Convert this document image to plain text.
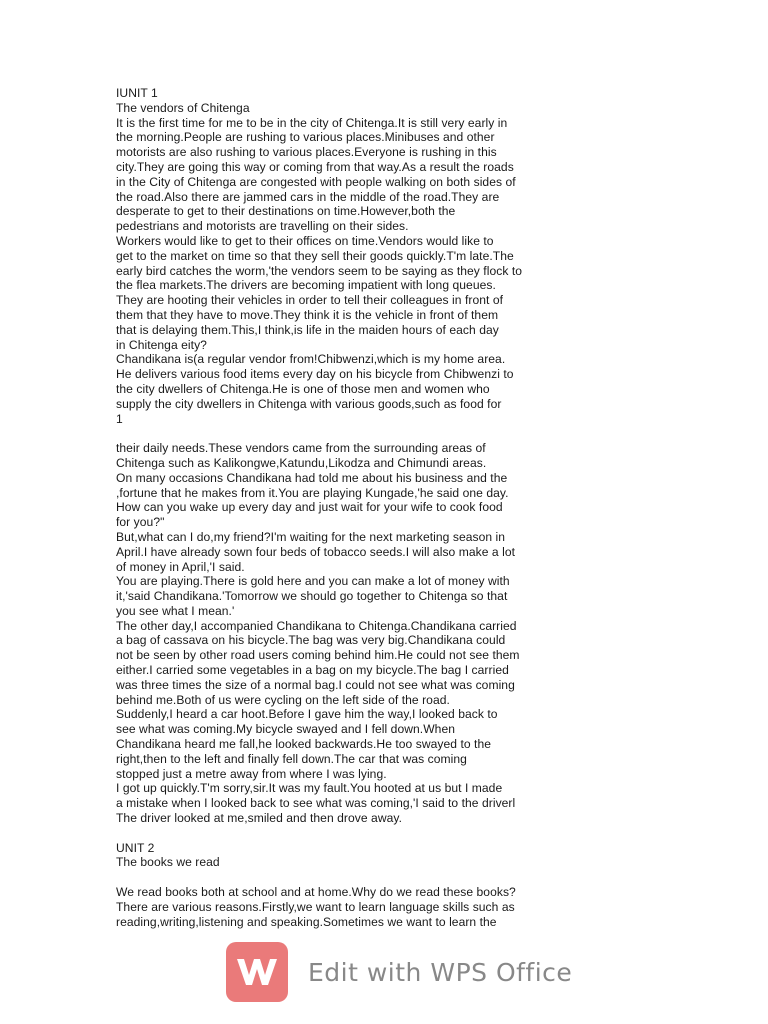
IUNIT 1
The vendors of Chitenga
It is the first time for me to be in the city of Chitenga.It is still very early in
the morning.People are rushing to various places.Minibuses and other
motorists are also rushing to various places.Everyone is rushing in this
city.They are going this way or coming from that way.As a result the roads
in the City of Chitenga are congested with people walking on both sides of
the road.Also there are jammed cars in the middle of the road.They are
desperate to get to their destinations on time.However,both the
pedestrians and motorists are travelling on their sides.
Workers would like to get to their offices on time.Vendors would like to
get to the market on time so that they sell their goods quickly.T'm late.The
early bird catches the worm,'the vendors seem to be saying as they flock to
the flea markets.The drivers are becoming impatient with long queues.
They are hooting their vehicles in order to tell their colleagues in front of
them that they have to move.They think it is the vehicle in front of them
that is delaying them.This,I think,is life in the maiden hours of each day
in Chitenga eity?
Chandikana is(a regular vendor from!Chibwenzi,which is my home area.
He delivers various food items every day on his bicycle from Chibwenzi to
the city dwellers of Chitenga.He is one of those men and women who
supply the city dwellers in Chitenga with various goods,such as food for
1
their daily needs.These vendors came from the surrounding areas of
Chitenga such as Kalikongwe,Katundu,Likodza and Chimundi areas.
On many occasions Chandikana had told me about his business and the
,fortune that he makes from it.You are playing Kungade,'he said one day.
How can you wake up every day and just wait for your wife to cook food
for you?"
But,what can I do,my friend?I'm waiting for the next marketing season in
April.I have already sown four beds of tobacco seeds.I will also make a lot
of money in April,'I said.
You are playing.There is gold here and you can make a lot of money with
it,'said Chandikana.'Tomorrow we should go together to Chitenga so that
you see what I mean.'
The other day,I accompanied Chandikana to Chitenga.Chandikana carried
a bag of cassava on his bicycle.The bag was very big.Chandikana could
not be seen by other road users coming behind him.He could not see them
either.I carried some vegetables in a bag on my bicycle.The bag I carried
was three times the size of a normal bag.I could not see what was coming
behind me.Both of us were cycling on the left side of the road.
Suddenly,I heard a car hoot.Before I gave him the way,I looked back to
see what was coming.My bicycle swayed and I fell down.When
Chandikana heard me fall,he looked backwards.He too swayed to the
right,then to the left and finally fell down.The car that was coming
stopped just a metre away from where I was lying.
I got up quickly.T'm sorry,sir.It was my fault.You hooted at us but I made
a mistake when I looked back to see what was coming,'I said to the driverl
The driver looked at me,smiled and then drove away.
UNIT 2
The books we read
We read books both at school and at home.Why do we read these books?
There are various reasons.Firstly,we want to learn language skills such as
reading,writing,listening and speaking.Sometimes we want to learn the
Edit with WPS Office
